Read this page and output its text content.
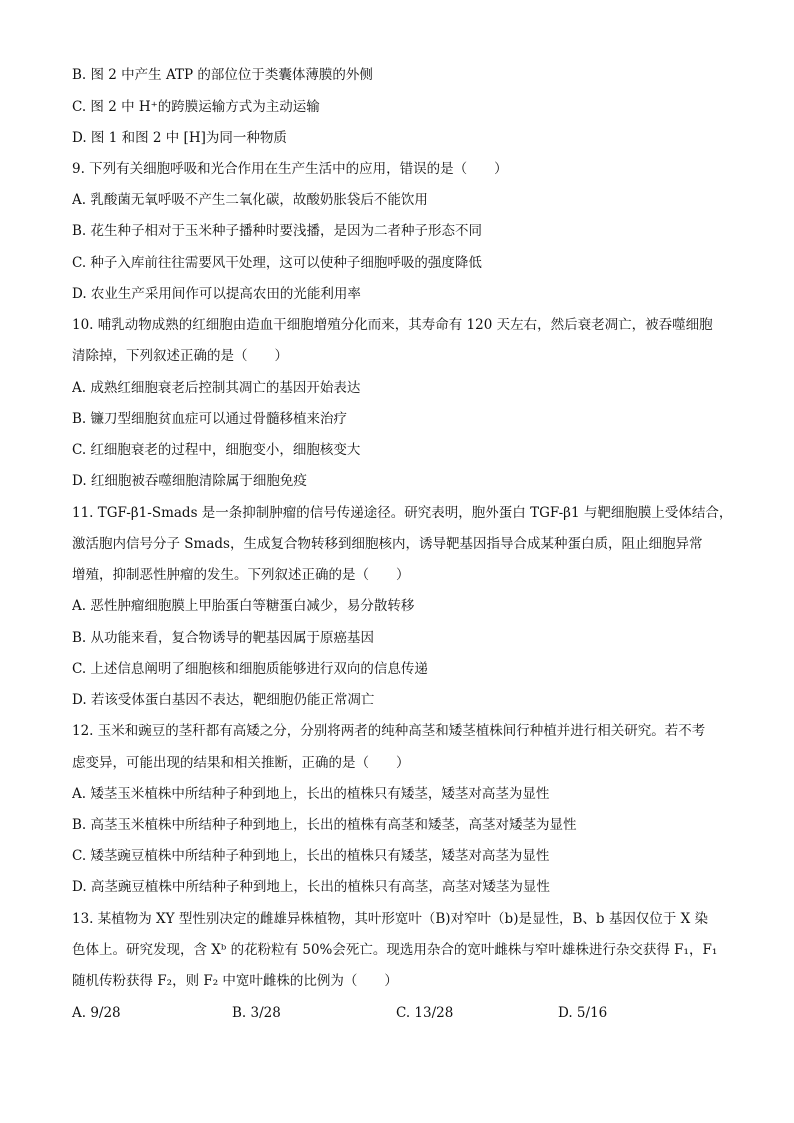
B. 图 2 中产生 ATP 的部位位于类囊体薄膜的外侧
C. 图 2 中 H⁺的跨膜运输方式为主动运输
D. 图 1 和图 2 中 [H]为同一种物质
9. 下列有关细胞呼吸和光合作用在生产生活中的应用，错误的是（　　）
A. 乳酸菌无氧呼吸不产生二氧化碳，故酸奶胀袋后不能饮用
B. 花生种子相对于玉米种子播种时要浅播，是因为二者种子形态不同
C. 种子入库前往往需要风干处理，这可以使种子细胞呼吸的强度降低
D. 农业生产采用间作可以提高农田的光能利用率
10. 哺乳动物成熟的红细胞由造血干细胞增殖分化而来，其寿命有 120 天左右，然后衰老凋亡，被吞噬细胞
清除掉，下列叙述正确的是（　　）
A. 成熟红细胞衰老后控制其凋亡的基因开始表达
B. 镰刀型细胞贫血症可以通过骨髓移植来治疗
C. 红细胞衰老的过程中，细胞变小，细胞核变大
D. 红细胞被吞噬细胞清除属于细胞免疫
11. TGF-β1-Smads 是一条抑制肿瘤的信号传递途径。研究表明，胞外蛋白 TGF-β1 与靶细胞膜上受体结合，
激活胞内信号分子 Smads，生成复合物转移到细胞核内，诱导靶基因指导合成某种蛋白质，阻止细胞异常
增殖，抑制恶性肿瘤的发生。下列叙述正确的是（　　）
A. 恶性肿瘤细胞膜上甲胎蛋白等糖蛋白减少，易分散转移
B. 从功能来看，复合物诱导的靶基因属于原癌基因
C. 上述信息阐明了细胞核和细胞质能够进行双向的信息传递
D. 若该受体蛋白基因不表达，靶细胞仍能正常凋亡
12. 玉米和豌豆的茎秆都有高矮之分，分别将两者的纯种高茎和矮茎植株间行种植并进行相关研究。若不考
虑变异，可能出现的结果和相关推断，正确的是（　　）
A. 矮茎玉米植株中所结种子种到地上，长出的植株只有矮茎，矮茎对高茎为显性
B. 高茎玉米植株中所结种子种到地上，长出的植株有高茎和矮茎，高茎对矮茎为显性
C. 矮茎豌豆植株中所结种子种到地上，长出的植株只有矮茎，矮茎对高茎为显性
D. 高茎豌豆植株中所结种子种到地上，长出的植株只有高茎，高茎对矮茎为显性
13. 某植物为 XY 型性别决定的雌雄异株植物，其叶形宽叶（B)对窄叶（b)是显性，B、b 基因仅位于 X 染
色体上。研究发现，含 Xᵇ 的花粉粒有 50%会死亡。现选用杂合的宽叶雌株与窄叶雄株进行杂交获得 F₁，F₁
随机传粉获得 F₂，则 F₂ 中宽叶雌株的比例为（　　）
A. 9/28	B. 3/28	C. 13/28	D. 5/16
